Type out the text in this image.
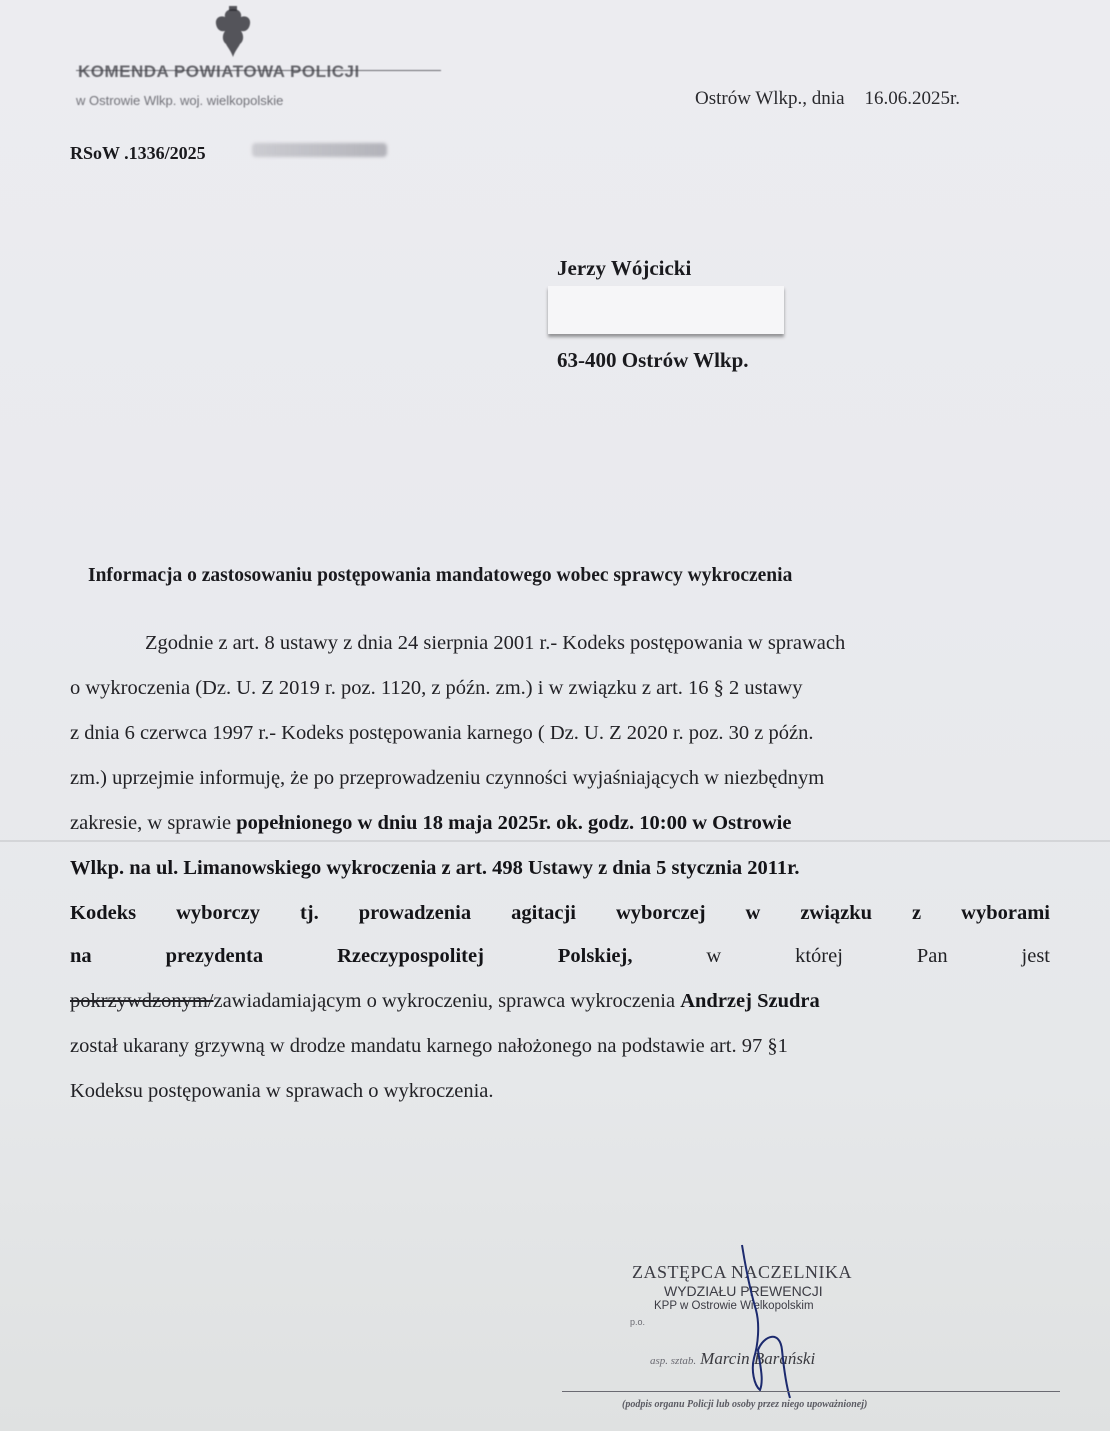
KOMENDA POWIATOWA POLICJI
w Ostrowie Wlkp. woj. wielkopolskie
RSoW .1336/2025
Ostrów Wlkp., dnia 16.06.2025r.
Jerzy Wójcicki
63-400 Ostrów Wlkp.
Informacja o zastosowaniu postępowania mandatowego wobec sprawcy wykroczenia
Zgodnie z art. 8 ustawy z dnia 24 sierpnia 2001 r.- Kodeks postępowania w sprawach
o wykroczenia (Dz. U. Z 2019 r. poz. 1120, z późn. zm.) i w związku z art. 16 § 2 ustawy
z dnia 6 czerwca 1997 r.- Kodeks postępowania karnego ( Dz. U. Z 2020 r. poz. 30 z późn.
zm.) uprzejmie informuję, że po przeprowadzeniu czynności wyjaśniających w niezbędnym
zakresie, w sprawie popełnionego w dniu 18 maja 2025r. ok. godz. 10:00 w Ostrowie
Wlkp. na ul. Limanowskiego wykroczenia z art. 498 Ustawy z dnia 5 stycznia 2011r.
Kodeks wyborczy tj. prowadzenia agitacji wyborczej w związku z wyborami
na	prezydenta	Rzeczypospolitej	Polskiej,	w	której	Pan	jest
pokrzywdzonym/zawiadamiającym o wykroczeniu, sprawca wykroczenia Andrzej Szudra
został ukarany grzywną w drodze mandatu karnego nałożonego na podstawie art. 97 §1
Kodeksu postępowania w sprawach o wykroczenia.
ZASTĘPCA NACZELNIKA
WYDZIAŁU PREWENCJI
KPP w Ostrowie Wielkopolskim
p.o.
asp. sztab. Marcin Barański
(podpis organu Policji lub osoby przez niego upoważnionej)
